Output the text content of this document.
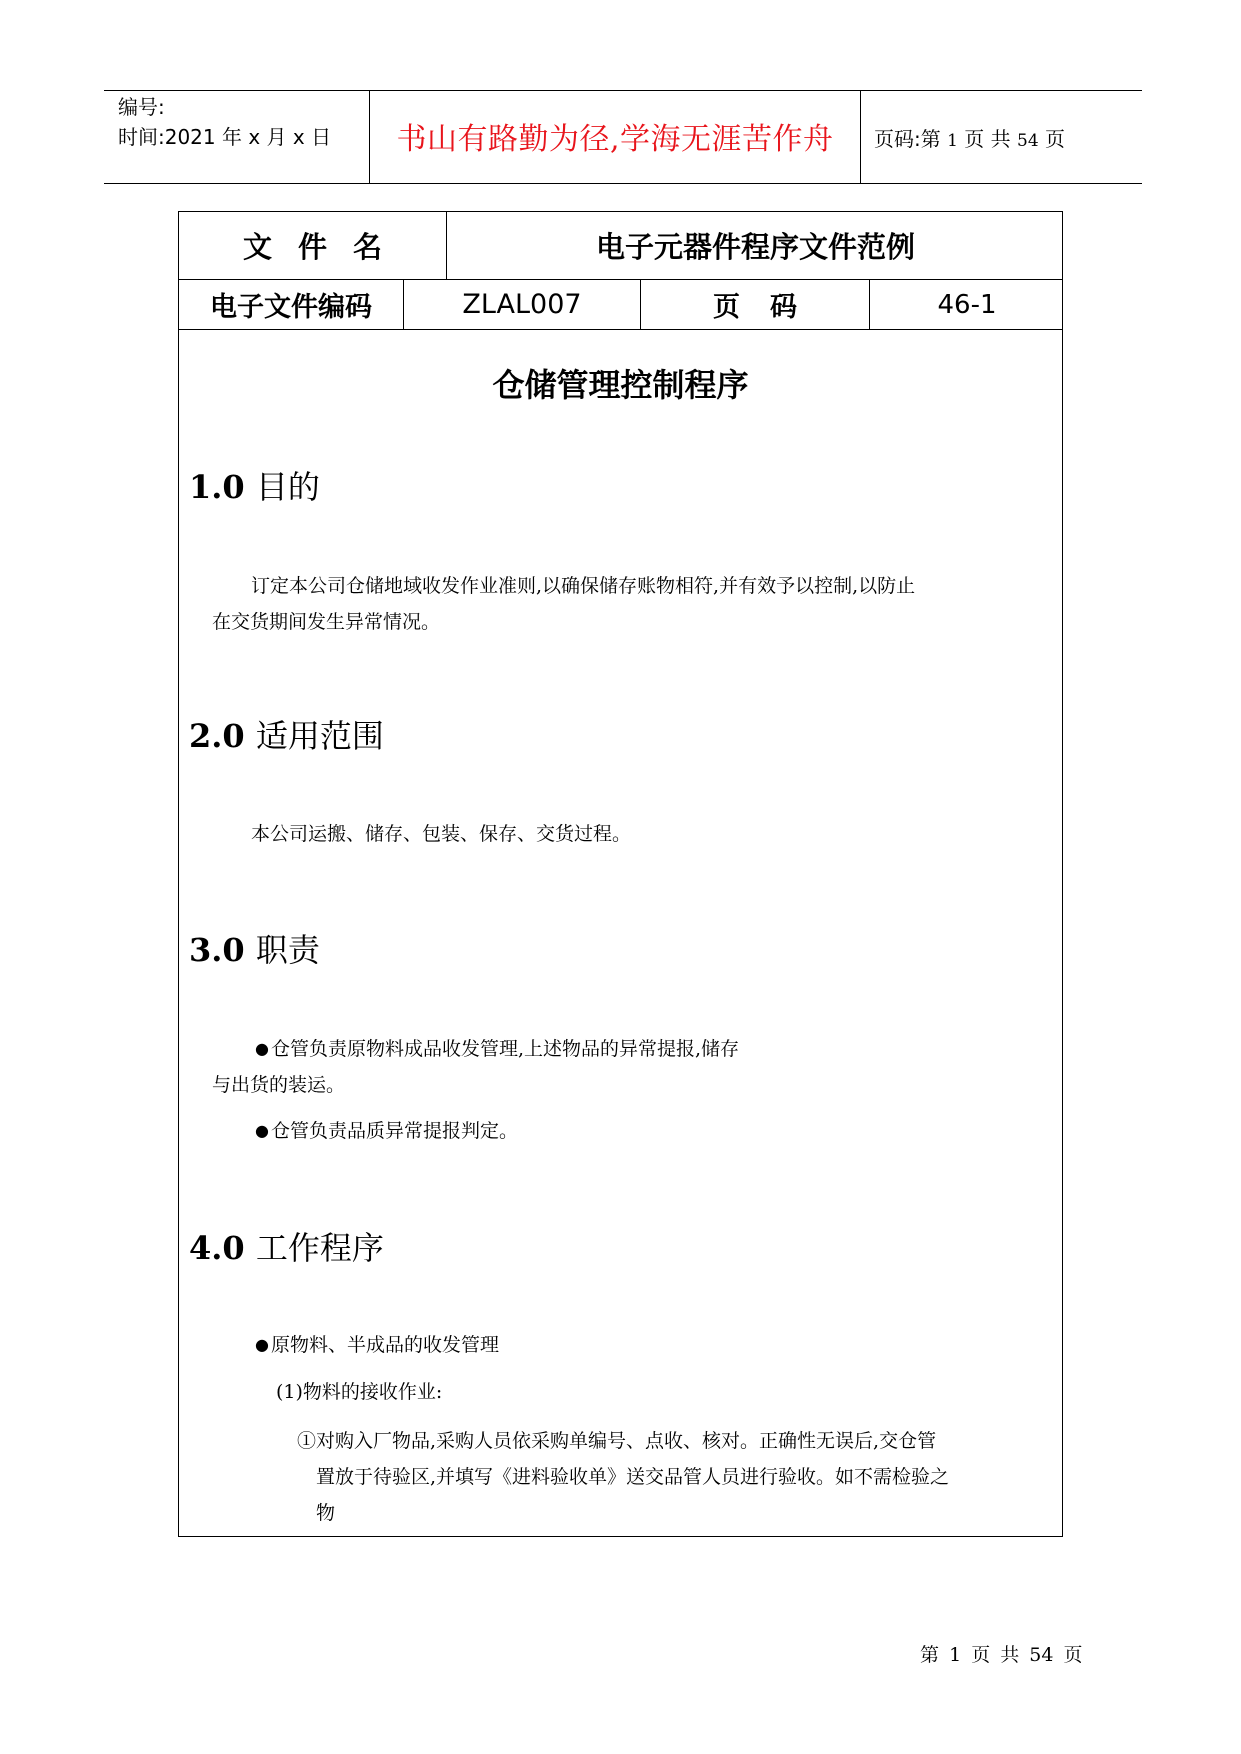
编号:
时间:2021 年 x 月 x 日	书山有路勤为径,学海无涯苦作舟	页码:第 1 页 共 54 页
文件名	电子元器件程序文件范例
电子文件编码	ZLAL007	页码	46-1
仓储管理控制程序
1.0 目的
订定本公司仓储地域收发作业准则,以确保储存账物相符,并有效予以控制,以防止
在交货期间发生异常情况。
2.0 适用范围
本公司运搬、储存、包装、保存、交货过程。
3.0 职责
● 仓管负责原物料成品收发管理,上述物品的异常提报,储存
与出货的装运。
● 仓管负责品质异常提报判定。
4.0 工作程序
● 原物料、半成品的收发管理
(1)物料的接收作业:
①对购入厂物品,采购人员依采购单编号、点收、核对。正确性无误后,交仓管
置放于待验区,并填写《进料验收单》送交品管人员进行验收。如不需检验之
物
第 1 页 共 54 页
